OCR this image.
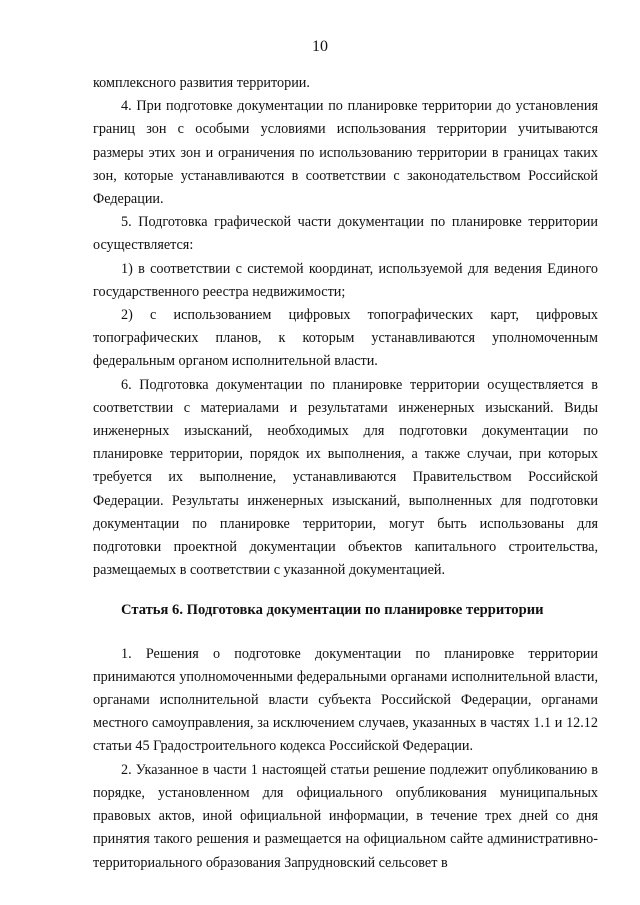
10

комплексного развития территории.

4. При подготовке документации по планировке территории до установления границ зон с особыми условиями использования территории учитываются размеры этих зон и ограничения по использованию территории в границах таких зон, которые устанавливаются в соответствии с законодательством Российской Федерации.

5. Подготовка графической части документации по планировке территории осуществляется:

1) в соответствии с системой координат, используемой для ведения Единого государственного реестра недвижимости;

2) с использованием цифровых топографических карт, цифровых топографических планов, к которым устанавливаются уполномоченным федеральным органом исполнительной власти.

6. Подготовка документации по планировке территории осуществляется в соответствии с материалами и результатами инженерных изысканий. Виды инженерных изысканий, необходимых для подготовки документации по планировке территории, порядок их выполнения, а также случаи, при которых требуется их выполнение, устанавливаются Правительством Российской Федерации. Результаты инженерных изысканий, выполненных для подготовки документации по планировке территории, могут быть использованы для подготовки проектной документации объектов капитального строительства, размещаемых в соответствии с указанной документацией.

Статья 6. Подготовка документации по планировке территории

1. Решения о подготовке документации по планировке территории принимаются уполномоченными федеральными органами исполнительной власти, органами исполнительной власти субъекта Российской Федерации, органами местного самоуправления, за исключением случаев, указанных в частях 1.1 и 12.12 статьи 45 Градостроительного кодекса Российской Федерации.

2. Указанное в части 1 настоящей статьи решение подлежит опубликованию в порядке, установленном для официального опубликования муниципальных правовых актов, иной официальной информации, в течение трех дней со дня принятия такого решения и размещается на официальном сайте административно-территориального образования Запрудновский сельсовет в
